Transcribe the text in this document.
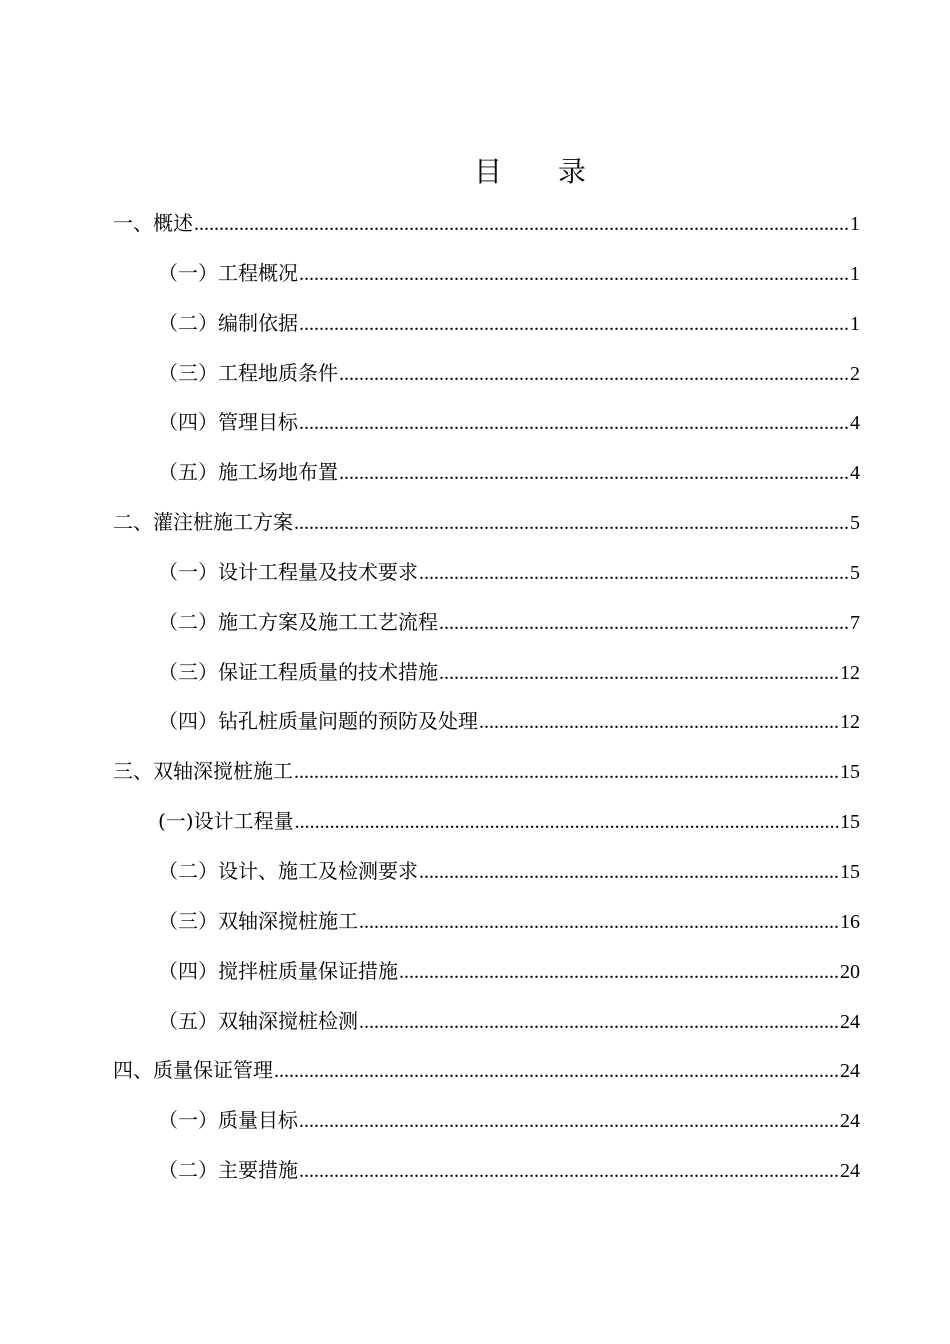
目 录
一、概述 .....	1
（一）工程概况 .....	1
（二）编制依据 .....	1
（三）工程地质条件 .....	2
（四）管理目标 .....	4
（五）施工场地布置 .....	4
二、灌注桩施工方案 .....	5
（一）设计工程量及技术要求 .....	5
（二）施工方案及施工工艺流程 .....	7
（三）保证工程质量的技术措施 .....	12
（四）钻孔桩质量问题的预防及处理 .....	12
三、双轴深搅桩施工 .....	15
(一)设计工程量 .....	15
（二）设计、施工及检测要求 .....	15
（三）双轴深搅桩施工 .....	16
（四）搅拌桩质量保证措施 .....	20
（五）双轴深搅桩检测 .....	24
四、质量保证管理 .....	24
（一）质量目标 .....	24
（二）主要措施 .....	24
